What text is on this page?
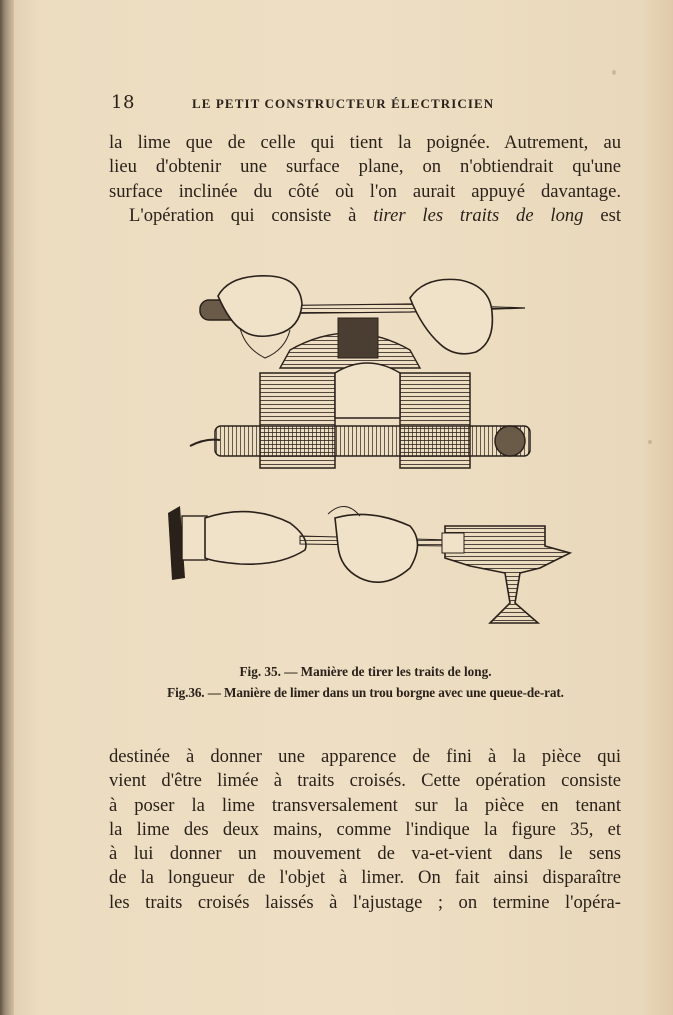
18	LE PETIT CONSTRUCTEUR ÉLECTRICIEN
la lime que de celle qui tient la poignée. Autrement, au
lieu d'obtenir une surface plane, on n'obtiendrait qu'une
surface inclinée du côté où l'on aurait appuyé davantage.
L'opération qui consiste à tirer les traits de long est
Fig. 35. — Manière de tirer les traits de long.
Fig.36. — Manière de limer dans un trou borgne avec une queue-de-rat.
destinée à donner une apparence de fini à la pièce qui
vient d'être limée à traits croisés. Cette opération consiste
à poser la lime transversalement sur la pièce en tenant
la lime des deux mains, comme l'indique la figure 35, et
à lui donner un mouvement de va-et-vient dans le sens
de la longueur de l'objet à limer. On fait ainsi disparaître
les traits croisés laissés à l'ajustage ; on termine l'opéra-
